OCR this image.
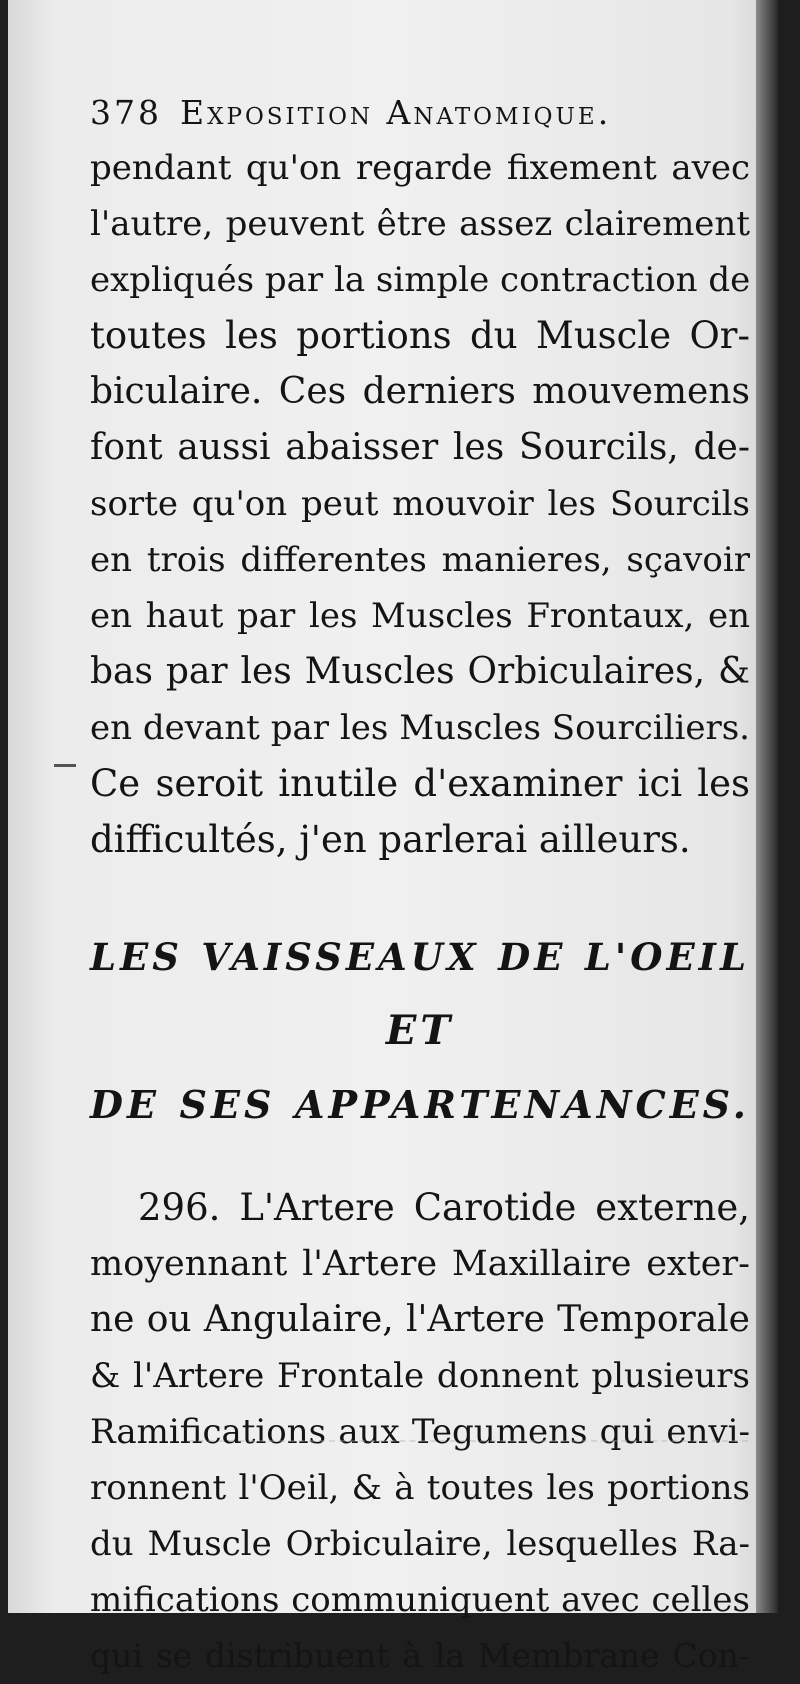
378 Exposition Anatomique.
pendant qu'on regarde fixement avec
l'autre, peuvent être assez clairement
expliqués par la simple contraction de
toutes les portions du Muscle Or-
biculaire. Ces derniers mouvemens
font aussi abaisser les Sourcils, de-
sorte qu'on peut mouvoir les Sourcils
en trois differentes manieres, sçavoir
en haut par les Muscles Frontaux, en
bas par les Muscles Orbiculaires, &
en devant par les Muscles Sourciliers.
Ce seroit inutile d'examiner ici les
difficultés, j'en parlerai ailleurs.
LES VAISSEAUX DE L'OEIL
ET
DE SES APPARTENANCES.
296. L'Artere Carotide externe,
moyennant l'Artere Maxillaire exter-
ne ou Angulaire, l'Artere Temporale
& l'Artere Frontale donnent plusieurs
Ramifications aux Tegumens qui envi-
ronnent l'Oeil, & à toutes les portions
du Muscle Orbiculaire, lesquelles Ra-
mifications communiquent avec celles
qui se distribuent à la Membrane Con-
